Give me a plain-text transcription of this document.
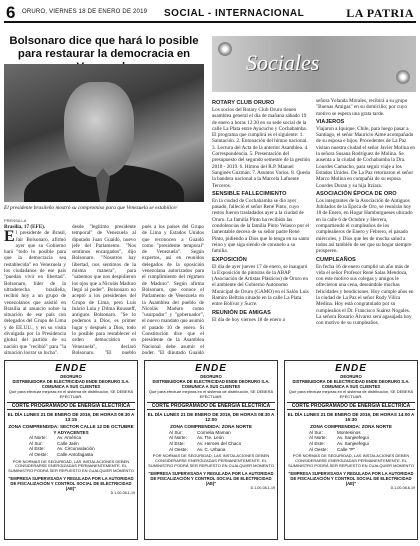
6 ORURO, VIERNES 18 DE ENERO DE 2019 SOCIAL - INTERNACIONAL	LA PATRIA
Bolsonaro dice que hará lo posible para restaurar la democracia en

El presidente brasileño mostró su compromiso para que Venezuela se estabilice/

PRENSA LA

Brasilia, 17 (EFE).

El presidente de Brasil, Jair Bolsonaro, afirmó ayer que su Gobierno hará "todo lo posible para que la democracia sea restablecida" en Venezuela y los ciudadanos de ese país "puedan vivir en libertad". Bolsonaro, líder de la ultraderecha brasileña, recibió hoy a un grupo de venezolanos que asistió en Brasilia al anuncio sobre la situación de ese país con delegados del Grupo de Lima y de EE.UU., y en su visita divulgada por la Presidencia global del partido de su nación que "recibió" para "la situación lograr su lucha".

desde "legítimo presidente temporal" de Venezuela al diputado Juan Guaidó, nuevo jefe del Parlamento. "Nos sentimos encargados", dijo Bolsonaro. "Nosotros hay libertad, nos sentimos de la misma manera", para "sabemos que nos despidieron los ojos que a Nicolás Maduro llegó al poder". Bolsonaro no aceptó a los presidentes del Grupo de Lima, pero Luis Inácio Lula y Dilma Rousseff, antiguos Bolsonaro. "Se lo podemos a Dios, es primer lugar y después a Dios, todo lo posible para restablecer el orden democrático en Venezuela", declaró Bolsonaro. "El pueblo
pués a los países del Grupo de Lima y Estados Unidos que reconocen a Guaidó como "presidente temporal" de Venezuela". Según expertos, así en reunidos delegados de la oposición venezolana autorizados para el cumplimiento del régimen de Maduro". Según afirma Bolsonaro, que conoce el Parlamento de Venezuela en la Asamblea del pueblo de Nicolás Maduro como "usurpador" y "gobernador", el nuevo mandato que asumió el pasado 10 de enero. Si Constitución dice que el presidente de la Asamblea Nacional debe asumir el poder. "El diputado Guaidó
Sociales
ROTARY CLUB ORURO

Los socios del Rotary Club Oruro tienen asamblea general el día de mañana sábado 19 de enero a horas 12:30 en su sede social de la calle La Plata entre Ayacucho y Cochabamba. El programa que cumplirá es el siguiente: 1. Salutación. 2. Entonación del himno nacional. 3. Lectura del Acta de la anterior Asamblea. 4. Correspondencia. 5. Presentación del presupuesto del segundo semestre de la gestión 2018 - 2019. 6. Himno del R.P. Manuel Sanginés Guzmán. 7. Asuntos Varios. 8. Queda la bandera nacional a la Marcela Lafuente Terceros.

SENSIBLE FALLECIMIENTO

En la ciudad de Cochabamba se dio ayer pasado, falleció el señor René Pinto, cuyo restos fueron trasladados ayer a la ciudad de Oruro. La familia Pinto ha recibido las condolencias de la familia Pinto Velasco por el lamentable deceso de su señor padre René Pinto, pidiendo a Dios que lo tenga en su santo reino y que siga siendo de consuelo a su familia.

EXPOSICIÓN

El día de ayer jueves 17 de enero, se inauguró la Exposición de pinturas de la ABAP (Asociación de Artistas Plásticos) de Oruro en el ambiente del Gobierno Autónomo Municipal de Oruro (GAMO) en el Salón Luis Ramiro Beltrán situado en la calle La Plata entre Bolívar y Sucre.

REUNIÓN DE AMIGAS

El día de hoy viernes 18 de enero a

señora Yolanda Morales, recibirá a su grupo "Buenas Amigas" en su domicilio; por cuyo motivo se espera una grata tarde.

VIAJEROS

Viajaron a Iquique, Chile, para luego pasar a Santiago, el señor Mauricio Aime acompañado de su esposa e hijos. Procedentes de La Paz visitan nuestra ciudad el señor Javier Molina en la señora Susana Rodríguez de Molina. Se ausenta a la ciudad de Cochabamba la Dra. Lourdes Camacho, para seguir viaje a los Estados Unidos. De La Paz retornaron el señor Marco Molina en compañía de su esposa Lourdes Duran y su hija Itziara.

ASOCIACIÓN ÉPOCA DE ORO

Los integrantes de la Asociación de Antiguos Jubilados de la Época de Oro, se reunirán hoy 18 de Enero, en Hogar Hamburgueses ubicado en la calle 6 de Octubre y Herrera, compartiendo el cumpleaños de los cumpleañeros de Enero y Febrero, el pasado miércoles, y Dios que les de mucha salud a todos así también de ser que su hogar siempre prosperen.

CUMPLEAÑOS

En fecha 16 de enero cumplió un año más de vida el señor Profesor René Salas Mendoza, con este motivo sus colegas y amigos le ofrecieron una cena, deseándole muchas felicidades y bendiciones. Hoy cumple años en la ciudad de La Paz el señor Rudy Villca Medina. Hoy está congratulado por su cumpleaños el Dr. Francisco Suárez Nogales. La señora Rosario Álvarez será agasajada hoy con motivo de su cumpleaños.

ENDE
DEORURO
DISTRIBUIDORA DE ELECTRICIDAD ENDE DEORURO S.A. COMUNICA A SUS CLIENTES
Que para efectuar mejoras en el sistema de distribución, SE DEBERÁ EFECTUAR:
CORTE PROGRAMADO DE ENERGÍA ELÉCTRICA
EL DÍA LUNES 21 DE ENERO DE 2019, DE HORAS 09:30 A 13:15
ZONA COMPRENDIDA: SECTOR CALLE 12 DE OCTUBRE Y ADYACENTES
Al Norte:	Av. América
Al Sur:	Calle Jaén
Al Este:	Av. Circunvalación
Al Oeste:	Calle Antofagasta
POR NORMAS DE SEGURIDAD, LAS INSTALACIONES DEBEN CONSIDERARSE ENERGIZADAS PERMANENTEMENTE. EL SUMINISTRO PODRÁ SER REPUESTO EN CUALQUIER MOMENTO
"EMPRESA SUPERVISADA Y REGULADA POR LA AUTORIDAD DE FISCALIZACIÓN Y CONTROL SOCIAL DE ELECTRICIDAD (AE)"
D.1-00-08-1-19
ENDE
DEORURO
DISTRIBUIDORA DE ELECTRICIDAD ENDE DEORURO S.A. COMUNICA A SUS CLIENTES
Que para efectuar mejoras en el sistema de distribución, SE DEBERÁ EFECTUAR:
CORTE PROGRAMADO DE ENERGÍA ELÉCTRICA
EL DÍA LUNES 21 DE ENERO DE 2019, DE HORAS 08:30 A 12:00
ZONA COMPRENDIDA: ZONA NORTE
Al Sur:	Cornelia Maman
Al Norte:	Av. Tte. León
Al Este:	Av. Heroes del Chaco
Al Oeste:	Av. C. Urbana
POR NORMAS DE SEGURIDAD, LAS INSTALACIONES DEBEN CONSIDERARSE ENERGIZADAS PERMANENTEMENTE. EL SUMINISTRO PODRÁ SER REPUESTO EN CUALQUIER MOMENTO
"EMPRESA SUPERVISADA Y REGULADA POR LA AUTORIDAD DE FISCALIZACIÓN Y CONTROL SOCIAL DE ELECTRICIDAD (AE)"
D.1-00-08-1-19
ENDE
DEORURO
DISTRIBUIDORA DE ELECTRICIDAD ENDE DEORURO S.A. COMUNICA A SUS CLIENTES
Que para efectuar mejoras en el sistema de distribución, SE DEBERÁ EFECTUAR:
CORTE PROGRAMADO DE ENERGÍA ELÉCTRICA
EL DÍA LUNES 21 DE ENERO DE 2019, DE HORAS 14:00 A 16:30
ZONA COMPRENDIDA: ZONA NORTE
Al Sur:	Montesinos
Al Norte:	Av. Sanjeefegui
Al Este:	Av. Sanjeefegui
Al Oeste:	Calle "P"
POR NORMAS DE SEGURIDAD, LAS INSTALACIONES DEBEN CONSIDERARSE ENERGIZADAS PERMANENTEMENTE. EL SUMINISTRO PODRÁ SER REPUESTO EN CUALQUIER MOMENTO
"EMPRESA SUPERVISADA Y REGULADA POR LA AUTORIDAD DE FISCALIZACIÓN Y CONTROL SOCIAL DE ELECTRICIDAD (AE)"
D.1-00-08-6-19
